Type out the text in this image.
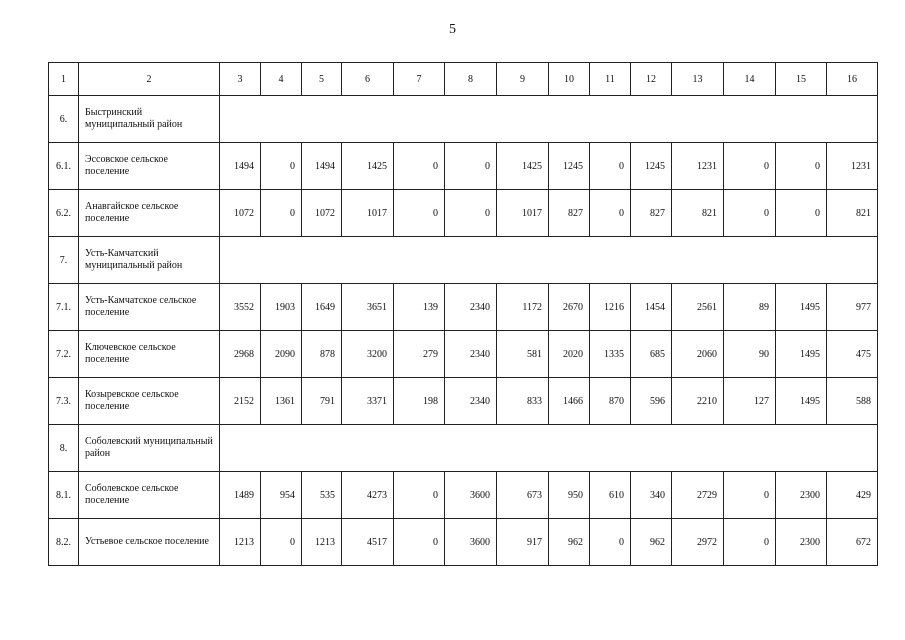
5
1	2	3	4	5	6	7	8	9	10	11	12	13	14	15	16
6.	Быстринский муниципальный район														
6.1.	Эссовское сельское поселение	1494	0	1494	1425	0	0	1425	1245	0	1245	1231	0	0	1231
6.2.	Анавгайское сельское поселение	1072	0	1072	1017	0	0	1017	827	0	827	821	0	0	821
7.	Усть-Камчатский муниципальный район														
7.1.	Усть-Камчатское сельское поселение	3552	1903	1649	3651	139	2340	1172	2670	1216	1454	2561	89	1495	977
7.2.	Ключевское сельское поселение	2968	2090	878	3200	279	2340	581	2020	1335	685	2060	90	1495	475
7.3.	Козыревское сельское поселение	2152	1361	791	3371	198	2340	833	1466	870	596	2210	127	1495	588
8.	Соболевский муниципальный район														
8.1.	Соболевское сельское поселение	1489	954	535	4273	0	3600	673	950	610	340	2729	0	2300	429
8.2.	Устьевое сельское поселение	1213	0	1213	4517	0	3600	917	962	0	962	2972	0	2300	672
